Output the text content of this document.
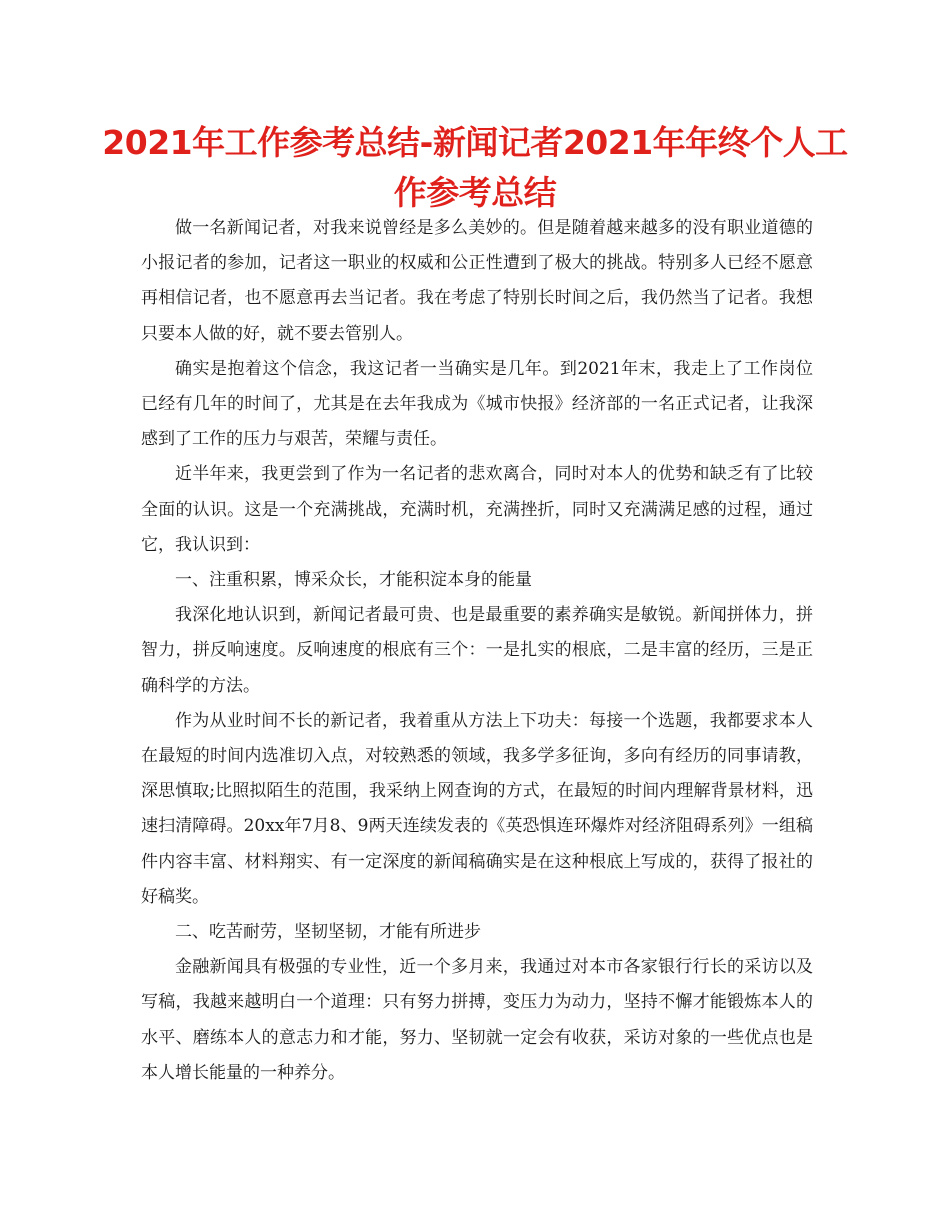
2021年工作参考总结-新闻记者2021年年终个人工作参考总结

做一名新闻记者，对我来说曾经是多么美妙的。但是随着越来越多的没有职业道德的小报记者的参加，记者这一职业的权威和公正性遭到了极大的挑战。特别多人已经不愿意再相信记者，也不愿意再去当记者。我在考虑了特别长时间之后，我仍然当了记者。我想只要本人做的好，就不要去管别人。

确实是抱着这个信念，我这记者一当确实是几年。到2021年末，我走上了工作岗位已经有几年的时间了，尤其是在去年我成为《城市快报》经济部的一名正式记者，让我深感到了工作的压力与艰苦，荣耀与责任。

近半年来，我更尝到了作为一名记者的悲欢离合，同时对本人的优势和缺乏有了比较全面的认识。这是一个充满挑战，充满时机，充满挫折，同时又充满满足感的过程，通过它，我认识到：

一、注重积累，博采众长，才能积淀本身的能量

我深化地认识到，新闻记者最可贵、也是最重要的素养确实是敏锐。新闻拼体力，拼智力，拼反响速度。反响速度的根底有三个：一是扎实的根底，二是丰富的经历，三是正确科学的方法。

作为从业时间不长的新记者，我着重从方法上下功夫：每接一个选题，我都要求本人在最短的时间内选准切入点，对较熟悉的领域，我多学多征询，多向有经历的同事请教，深思慎取;比照拟陌生的范围，我采纳上网查询的方式，在最短的时间内理解背景材料，迅速扫清障碍。20xx年7月8、9两天连续发表的《英恐惧连环爆炸对经济阻碍系列》一组稿件内容丰富、材料翔实、有一定深度的新闻稿确实是在这种根底上写成的，获得了报社的好稿奖。

二、吃苦耐劳，坚韧坚韧，才能有所进步

金融新闻具有极强的专业性，近一个多月来，我通过对本市各家银行行长的采访以及写稿，我越来越明白一个道理：只有努力拼搏，变压力为动力，坚持不懈才能锻炼本人的水平、磨练本人的意志力和才能，努力、坚韧就一定会有收获，采访对象的一些优点也是本人增长能量的一种养分。
